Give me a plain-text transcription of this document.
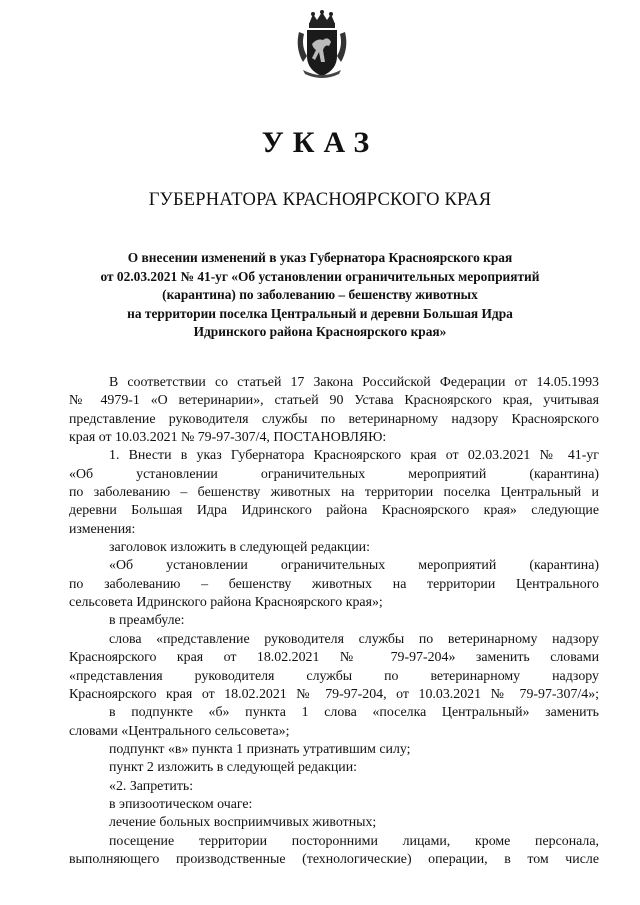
УКАЗ
ГУБЕРНАТОРА КРАСНОЯРСКОГО КРАЯ
О внесении изменений в указ Губернатора Красноярского края
от 02.03.2021 № 41-уг «Об установлении ограничительных мероприятий
(карантина) по заболеванию – бешенству животных
на территории поселка Центральный и деревни Большая Идра
Идринского района Красноярского края»
В соответствии со статьей 17 Закона Российской Федерации от 14.05.1993
№ 4979-1 «О ветеринарии», статьей 90 Устава Красноярского края, учитывая
представление руководителя службы по ветеринарному надзору Красноярского
края от 10.03.2021 № 79-97-307/4, ПОСТАНОВЛЯЮ:
1. Внести в указ Губернатора Красноярского края от 02.03.2021 № 41-уг
«Об установлении ограничительных мероприятий (карантина)
по заболеванию – бешенству животных на территории поселка Центральный и
деревни Большая Идра Идринского района Красноярского края» следующие
изменения:
заголовок изложить в следующей редакции:
«Об установлении ограничительных мероприятий (карантина)
по заболеванию – бешенству животных на территории Центрального
сельсовета Идринского района Красноярского края»;
в преамбуле:
слова «представление руководителя службы по ветеринарному надзору
Красноярского края от 18.02.2021 № 79-97-204» заменить словами
«представления руководителя службы по ветеринарному надзору
Красноярского края от 18.02.2021 № 79-97-204, от 10.03.2021 № 79-97-307/4»;
в подпункте «б» пункта 1 слова «поселка Центральный» заменить
словами «Центрального сельсовета»;
подпункт «в» пункта 1 признать утратившим силу;
пункт 2 изложить в следующей редакции:
«2. Запретить:
в эпизоотическом очаге:
лечение больных восприимчивых животных;
посещение территории посторонними лицами, кроме персонала,
выполняющего производственные (технологические) операции, в том числе
